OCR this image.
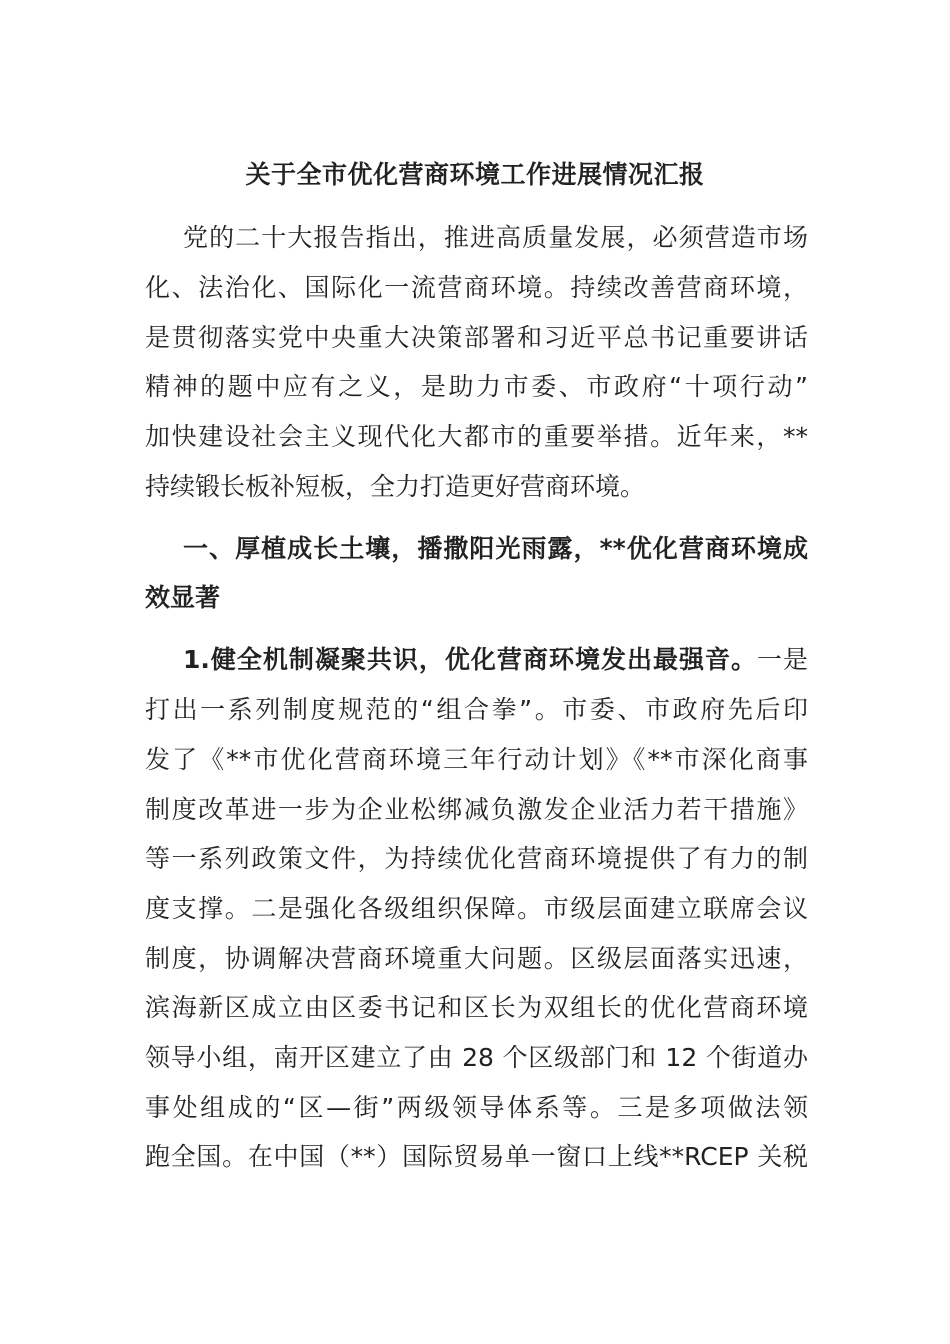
关于全市优化营商环境工作进展情况汇报
党的二十大报告指出，推进高质量发展，必须营造市场
化、法治化、国际化一流营商环境。持续改善营商环境，
是贯彻落实党中央重大决策部署和习近平总书记重要讲话
精神的题中应有之义，是助力市委、市政府“十项行动”
加快建设社会主义现代化大都市的重要举措。近年来，**
持续锻长板补短板，全力打造更好营商环境。
一、厚植成长土壤，播撒阳光雨露，**优化营商环境成
效显著
1.健全机制凝聚共识，优化营商环境发出最强音。一是
打出一系列制度规范的“组合拳”。市委、市政府先后印
发了《**市优化营商环境三年行动计划》《**市深化商事
制度改革进一步为企业松绑减负激发企业活力若干措施》
等一系列政策文件，为持续优化营商环境提供了有力的制
度支撑。二是强化各级组织保障。市级层面建立联席会议
制度，协调解决营商环境重大问题。区级层面落实迅速，
滨海新区成立由区委书记和区长为双组长的优化营商环境
领导小组，南开区建立了由 28 个区级部门和 12 个街道办
事处组成的“区—街”两级领导体系等。三是多项做法领
跑全国。在中国（**）国际贸易单一窗口上线**RCEP 关税
